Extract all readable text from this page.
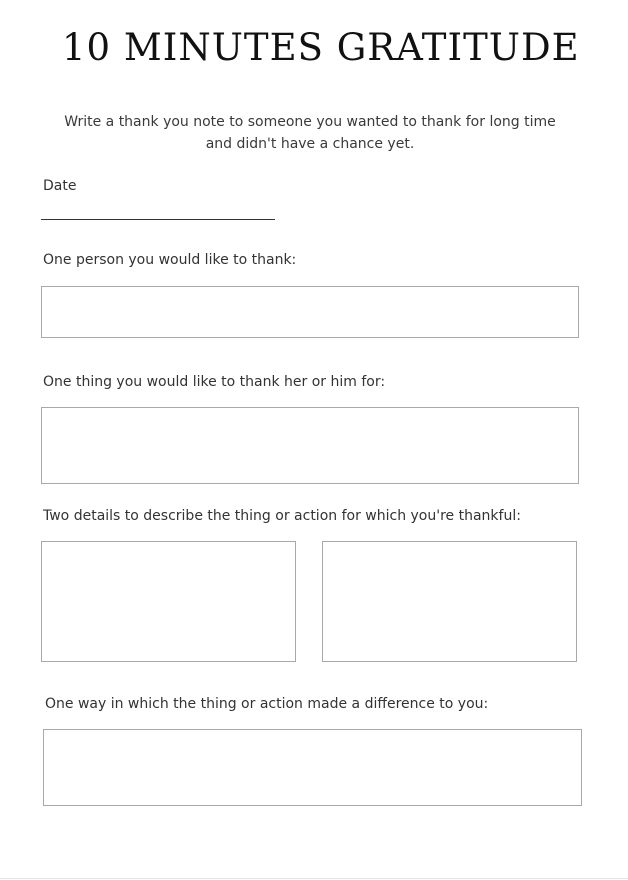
10 MINUTES GRATITUDE
Write a thank you note to someone you wanted to thank for long time
and didn't have a chance yet.
Date
One person you would like to thank:
One thing you would like to thank her or him for:
Two details to describe the thing or action for which you're thankful:
One way in which the thing or action made a difference to you:
